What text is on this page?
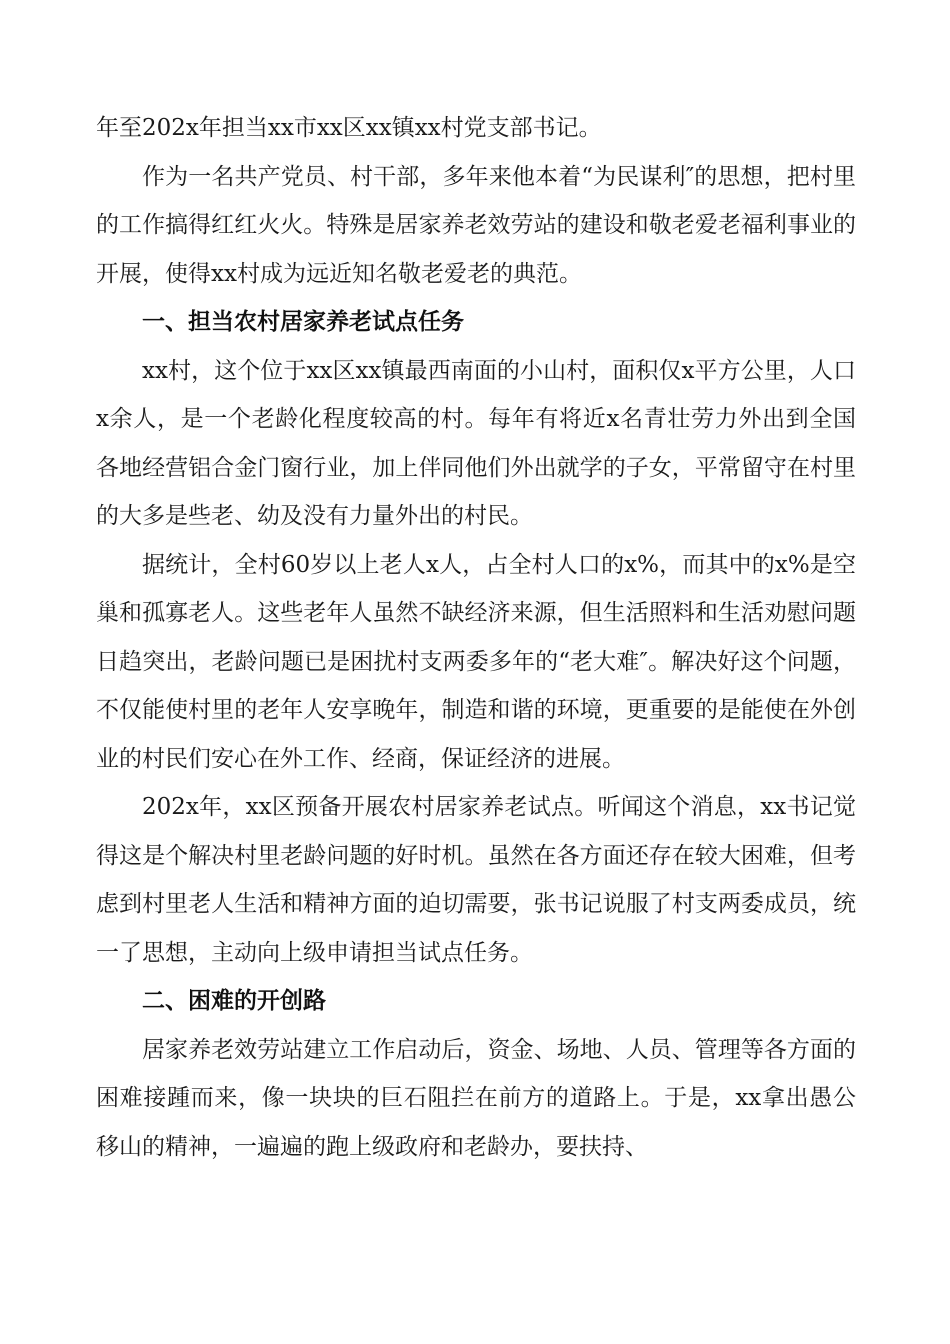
年至202x年担当xx市xx区xx镇xx村党支部书记。

作为一名共产党员、村干部，多年来他本着“为民谋利″的思想，把村里的工作搞得红红火火。特殊是居家养老效劳站的建设和敬老爱老福利事业的开展，使得xx村成为远近知名敬老爱老的典范。

一、担当农村居家养老试点任务

xx村，这个位于xx区xx镇最西南面的小山村，面积仅x平方公里，人口x余人，是一个老龄化程度较高的村。每年有将近x名青壮劳力外出到全国各地经营铝合金门窗行业，加上伴同他们外出就学的子女，平常留守在村里的大多是些老、幼及没有力量外出的村民。

据统计，全村60岁以上老人x人，占全村人口的x%，而其中的x%是空巢和孤寡老人。这些老年人虽然不缺经济来源，但生活照料和生活劝慰问题日趋突出，老龄问题已是困扰村支两委多年的“老大难″。解决好这个问题，不仅能使村里的老年人安享晚年，制造和谐的环境，更重要的是能使在外创业的村民们安心在外工作、经商，保证经济的进展。

202x年，xx区预备开展农村居家养老试点。听闻这个消息，xx书记觉得这是个解决村里老龄问题的好时机。虽然在各方面还存在较大困难，但考虑到村里老人生活和精神方面的迫切需要，张书记说服了村支两委成员，统一了思想，主动向上级申请担当试点任务。

二、困难的开创路

居家养老效劳站建立工作启动后，资金、场地、人员、管理等各方面的困难接踵而来，像一块块的巨石阻拦在前方的道路上。于是，xx拿出愚公移山的精神，一遍遍的跑上级政府和老龄办，要扶持、
